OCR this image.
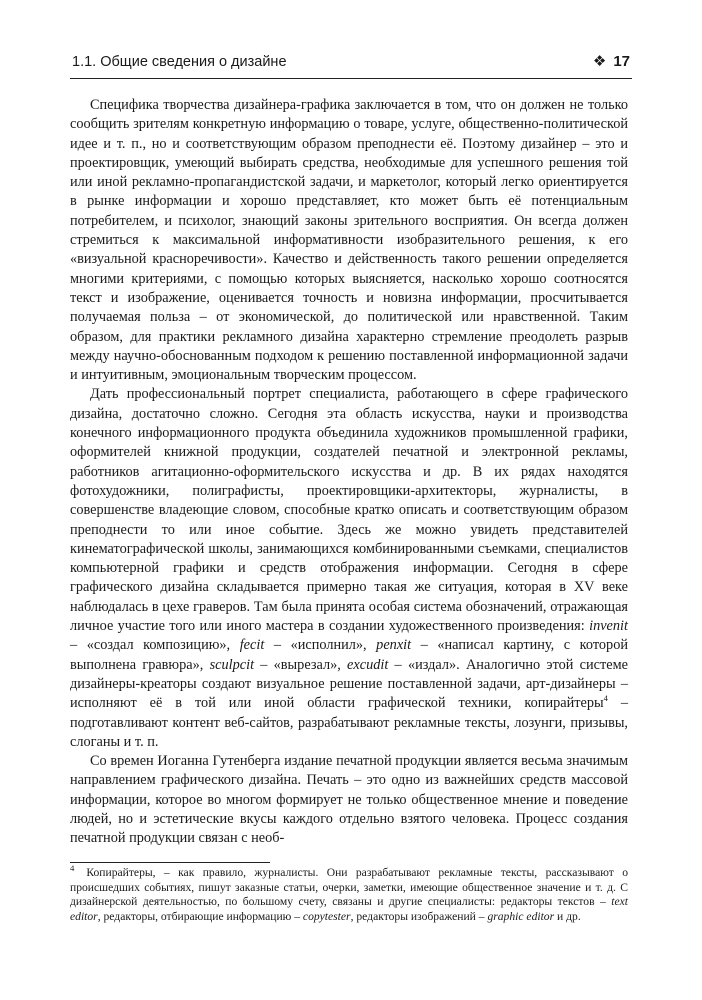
1.1. Общие сведения о дизайне	❖ 17

Специфика творчества дизайнера-графика заключается в том, что он должен не только сообщить зрителям конкретную информацию о товаре, услуге, общественно-политической идее и т. п., но и соответствующим образом преподнести её. Поэтому дизайнер – это и проектировщик, умеющий выбирать средства, необходимые для успешного решения той или иной рекламно-пропагандистской задачи, и маркетолог, который легко ориентируется в рынке информации и хорошо представляет, кто может быть её потенциальным потребителем, и психолог, знающий законы зрительного восприятия. Он всегда должен стремиться к максимальной информативности изобразительного решения, к его «визуальной красноречивости». Качество и действенность такого решении определяется многими критериями, с помощью которых выясняется, насколько хорошо соотносятся текст и изображение, оценивается точность и новизна информации, просчитывается получаемая польза – от экономической, до политической или нравственной. Таким образом, для практики рекламного дизайна характерно стремление преодолеть разрыв между научно-обоснованным подходом к решению поставленной информационной задачи и интуитивным, эмоциональным творческим процессом.

Дать профессиональный портрет специалиста, работающего в сфере графического дизайна, достаточно сложно. Сегодня эта область искусства, науки и производства конечного информационного продукта объединила художников промышленной графики, оформителей книжной продукции, создателей печатной и электронной рекламы, работников агитационно-оформительского искусства и др. В их рядах находятся фотохудожники, полиграфисты, проектировщики-архитекторы, журналисты, в совершенстве владеющие словом, способные кратко описать и соответствующим образом преподнести то или иное событие. Здесь же можно увидеть представителей кинематографической школы, занимающихся комбинированными съемками, специалистов компьютерной графики и средств отображения информации. Сегодня в сфере графического дизайна складывается примерно такая же ситуация, которая в XV веке наблюдалась в цехе граверов. Там была принята особая система обозначений, отражающая личное участие того или иного мастера в создании художественного произведения: invenit – «создал композицию», fecit – «исполнил», penxit – «написал картину, с которой выполнена гравюра», sculpcit – «вырезал», excudit – «издал». Аналогично этой системе дизайнеры-креаторы создают визуальное решение поставленной задачи, арт-дизайнеры – исполняют её в той или иной области графической техники, копирайтеры$^4$ – подготавливают контент веб-сайтов, разрабатывают рекламные тексты, лозунги, призывы, слоганы и т. п.

Со времен Иоганна Гутенберга издание печатной продукции является весьма значимым направлением графического дизайна. Печать – это одно из важнейших средств массовой информации, которое во многом формирует не только общественное мнение и поведение людей, но и эстетические вкусы каждого отдельно взятого человека. Процесс создания печатной продукции связан с необ-

$^4$ Копирайтеры, – как правило, журналисты. Они разрабатывают рекламные тексты, рассказывают о происшедших событиях, пишут заказные статьи, очерки, заметки, имеющие общественное значение и т. д. С дизайнерской деятельностью, по большому счету, связаны и другие специалисты: редакторы текстов – text editor, редакторы, отбирающие информацию – copytester, редакторы изображений – graphic editor и др.
